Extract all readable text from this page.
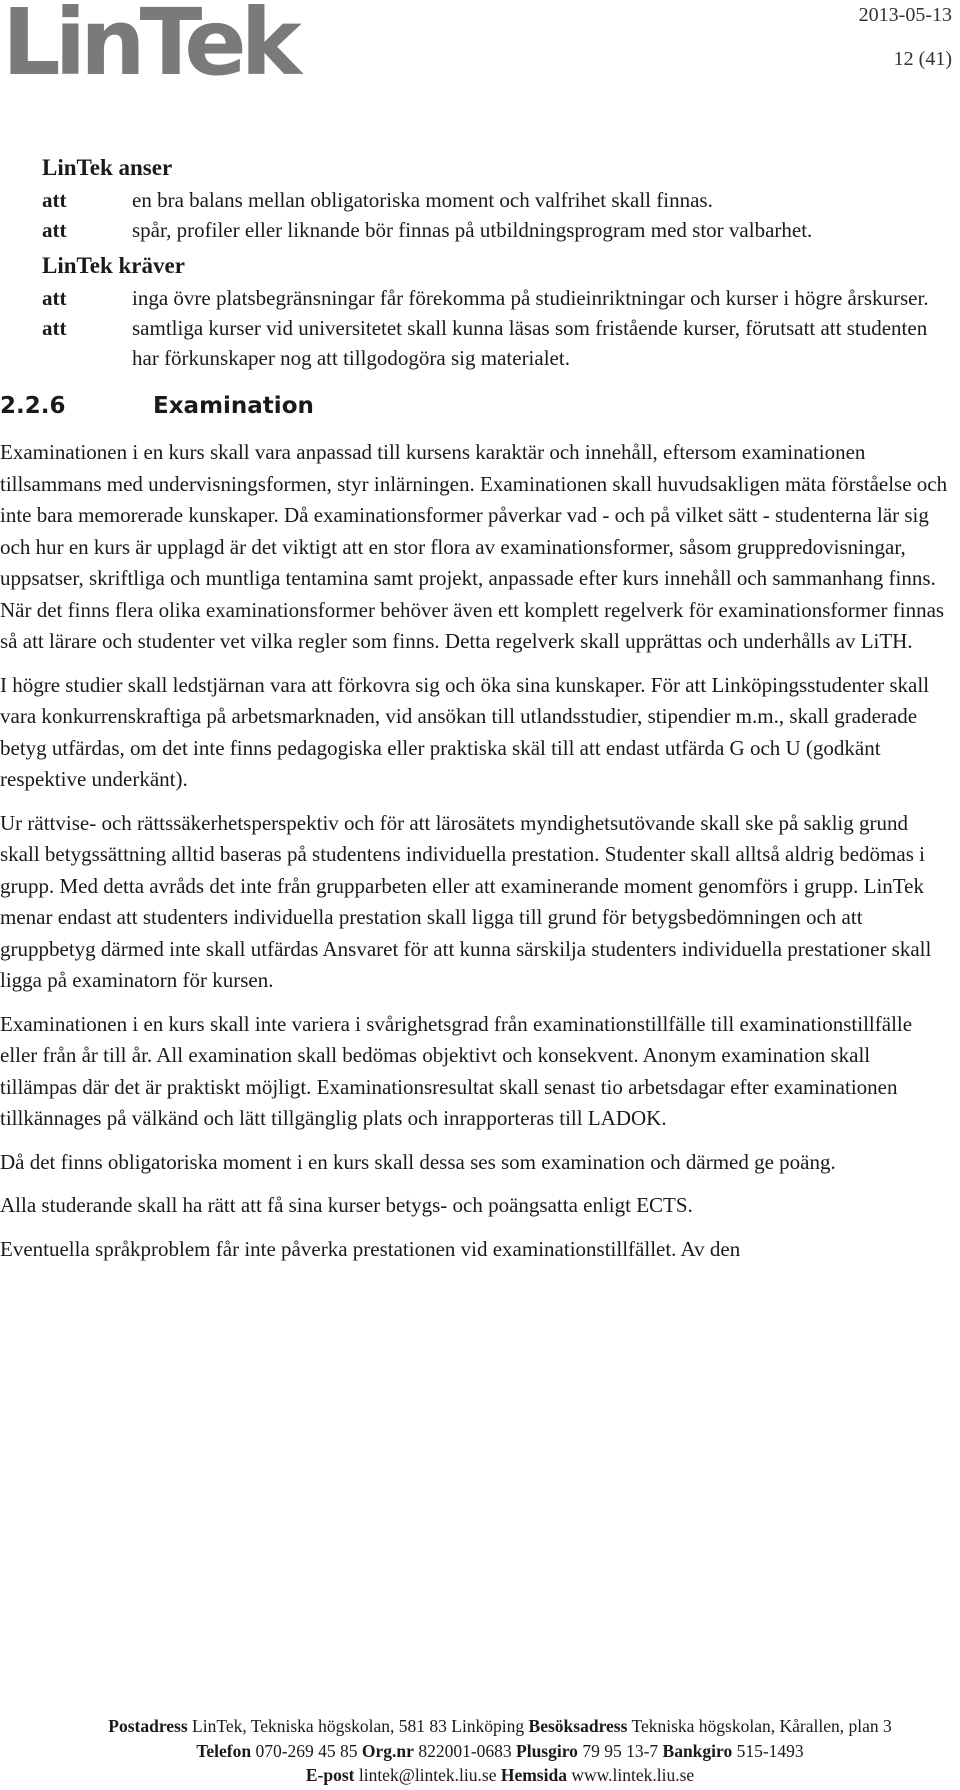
LinTek	2013-05-13
12 (41)
LinTek anser
att	en bra balans mellan obligatoriska moment och valfrihet skall finnas.
att	spår, profiler eller liknande bör finnas på utbildningsprogram med stor valbarhet.
LinTek kräver
att	inga övre platsbegränsningar får förekomma på studieinriktningar och kurser i högre årskurser.
att	samtliga kurser vid universitetet skall kunna läsas som fristående kurser, förutsatt att studenten har förkunskaper nog att tillgodogöra sig materialet.
2.2.6	Examination

Examinationen i en kurs skall vara anpassad till kursens karaktär och innehåll, eftersom examinationen tillsammans med undervisningsformen, styr inlärningen. Examinationen skall huvudsakligen mäta förståelse och inte bara memorerade kunskaper. Då examinationsformer påverkar vad - och på vilket sätt - studenterna lär sig och hur en kurs är upplagd är det viktigt att en stor flora av examinationsformer, såsom gruppredovisningar, uppsatser, skriftliga och muntliga tentamina samt projekt, anpassade efter kurs innehåll och sammanhang finns. När det finns flera olika examinationsformer behöver även ett komplett regelverk för examinationsformer finnas så att lärare och studenter vet vilka regler som finns. Detta regelverk skall upprättas och underhålls av LiTH.

I högre studier skall ledstjärnan vara att förkovra sig och öka sina kunskaper. För att Linköpingsstudenter skall vara konkurrenskraftiga på arbetsmarknaden, vid ansökan till utlandsstudier, stipendier m.m., skall graderade betyg utfärdas, om det inte finns pedagogiska eller praktiska skäl till att endast utfärda G och U (godkänt respektive underkänt).

Ur rättvise- och rättssäkerhetsperspektiv och för att lärosätets myndighetsutövande skall ske på saklig grund skall betygssättning alltid baseras på studentens individuella prestation. Studenter skall alltså aldrig bedömas i grupp. Med detta avråds det inte från grupparbeten eller att examinerande moment genomförs i grupp. LinTek menar endast att studenters individuella prestation skall ligga till grund för betygsbedömningen och att gruppbetyg därmed inte skall utfärdas Ansvaret för att kunna särskilja studenters individuella prestationer skall ligga på examinatorn för kursen.

Examinationen i en kurs skall inte variera i svårighetsgrad från examinationstillfälle till examinationstillfälle eller från år till år. All examination skall bedömas objektivt och konsekvent. Anonym examination skall tillämpas där det är praktiskt möjligt. Examinationsresultat skall senast tio arbetsdagar efter examinationen tillkännages på välkänd och lätt tillgänglig plats och inrapporteras till LADOK.

Då det finns obligatoriska moment i en kurs skall dessa ses som examination och därmed ge poäng.

Alla studerande skall ha rätt att få sina kurser betygs- och poängsatta enligt ECTS.

Eventuella språkproblem får inte påverka prestationen vid examinationstillfället. Av den

Postadress LinTek, Tekniska högskolan, 581 83 Linköping Besöksadress Tekniska högskolan, Kårallen, plan 3
Telefon 070-269 45 85 Org.nr 822001-0683 Plusgiro 79 95 13-7 Bankgiro 515-1493
E-post lintek@lintek.liu.se Hemsida www.lintek.liu.se
